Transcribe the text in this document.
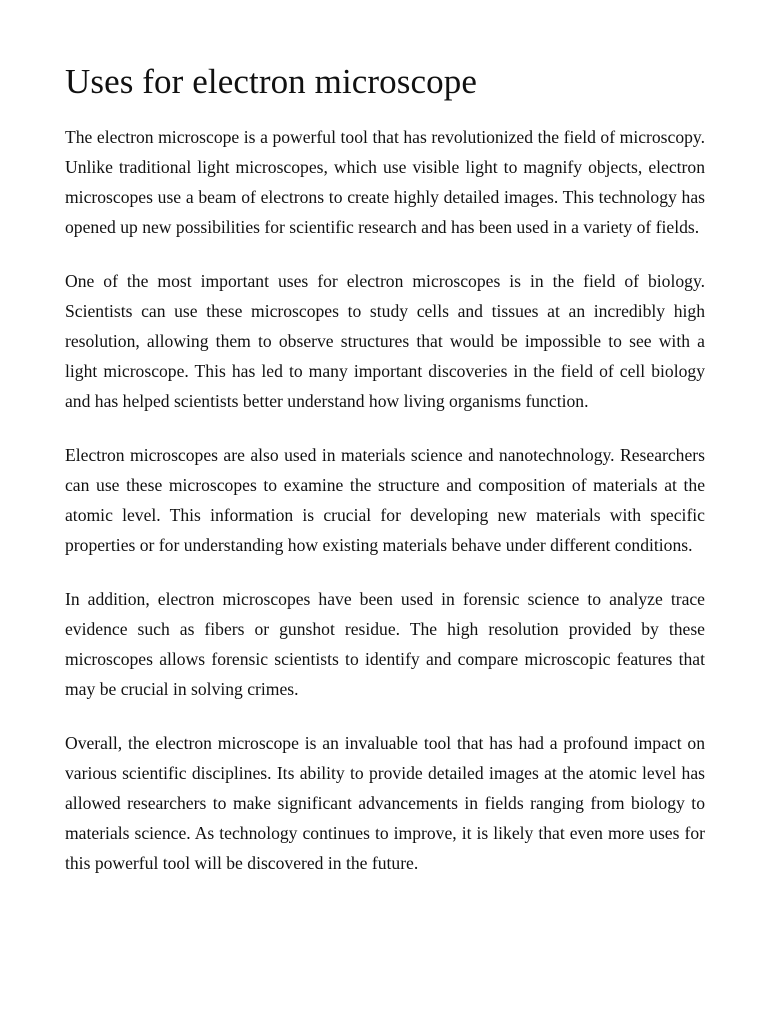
Uses for electron microscope

The electron microscope is a powerful tool that has revolutionized the field of microscopy. Unlike traditional light microscopes, which use visible light to magnify objects, electron microscopes use a beam of electrons to create highly detailed images. This technology has opened up new possibilities for scientific research and has been used in a variety of fields.

One of the most important uses for electron microscopes is in the field of biology. Scientists can use these microscopes to study cells and tissues at an incredibly high resolution, allowing them to observe structures that would be impossible to see with a light microscope. This has led to many important discoveries in the field of cell biology and has helped scientists better understand how living organisms function.

Electron microscopes are also used in materials science and nanotechnology. Researchers can use these microscopes to examine the structure and composition of materials at the atomic level. This information is crucial for developing new materials with specific properties or for understanding how existing materials behave under different conditions.

In addition, electron microscopes have been used in forensic science to analyze trace evidence such as fibers or gunshot residue. The high resolution provided by these microscopes allows forensic scientists to identify and compare microscopic features that may be crucial in solving crimes.

Overall, the electron microscope is an invaluable tool that has had a profound impact on various scientific disciplines. Its ability to provide detailed images at the atomic level has allowed researchers to make significant advancements in fields ranging from biology to materials science. As technology continues to improve, it is likely that even more uses for this powerful tool will be discovered in the future.
